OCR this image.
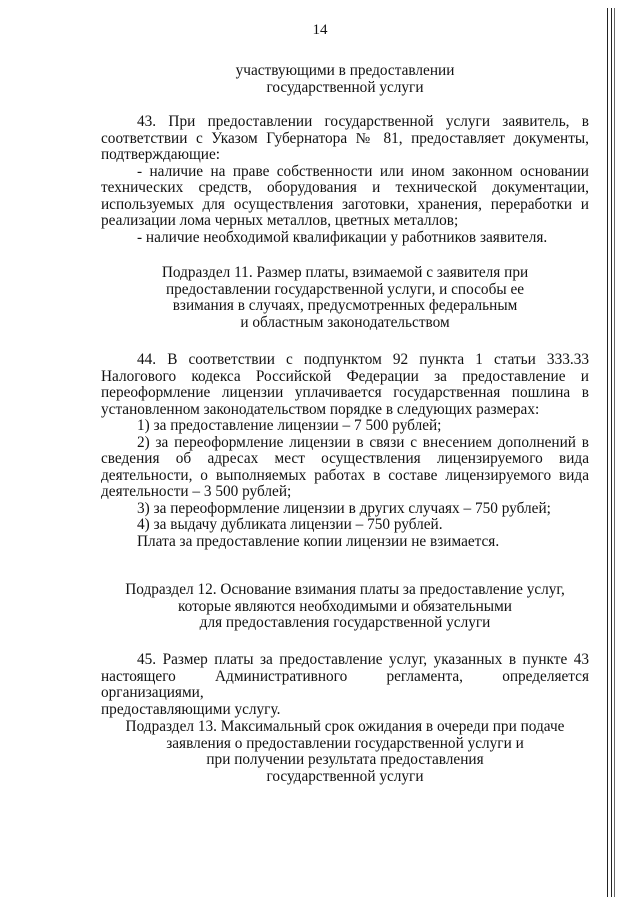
14

участвующими в предоставлении

государственной услуги

43. При предоставлении государственной услуги заявитель, в

соответствии с Указом Губернатора № 81, предоставляет документы,

подтверждающие:

- наличие на праве собственности или ином законном основании

технических средств, оборудования и технической документации,

используемых для осуществления заготовки, хранения, переработки и

реализации лома черных металлов, цветных металлов;

- наличие необходимой квалификации у работников заявителя.

Подраздел 11. Размер платы, взимаемой с заявителя при

предоставлении государственной услуги, и способы ее

взимания в случаях, предусмотренных федеральным

и областным законодательством

44. В соответствии с подпунктом 92 пункта 1 статьи 333.33

Налогового кодекса Российской Федерации за предоставление и

переоформление лицензии уплачивается государственная пошлина в

установленном законодательством порядке в следующих размерах:

1) за предоставление лицензии – 7 500 рублей;

2) за переоформление лицензии в связи с внесением дополнений в

сведения об адресах мест осуществления лицензируемого вида

деятельности, о выполняемых работах в составе лицензируемого вида

деятельности – 3 500 рублей;

3) за переоформление лицензии в других случаях – 750 рублей;

4) за выдачу дубликата лицензии – 750 рублей.

Плата за предоставление копии лицензии не взимается.

Подраздел 12. Основание взимания платы за предоставление услуг,

которые являются необходимыми и обязательными

для предоставления государственной услуги

45. Размер платы за предоставление услуг, указанных в пункте 43

настоящего Административного регламента, определяется организациями,

предоставляющими услугу.

Подраздел 13. Максимальный срок ожидания в очереди при подаче

заявления о предоставлении государственной услуги и

при получении результата предоставления

государственной услуги
